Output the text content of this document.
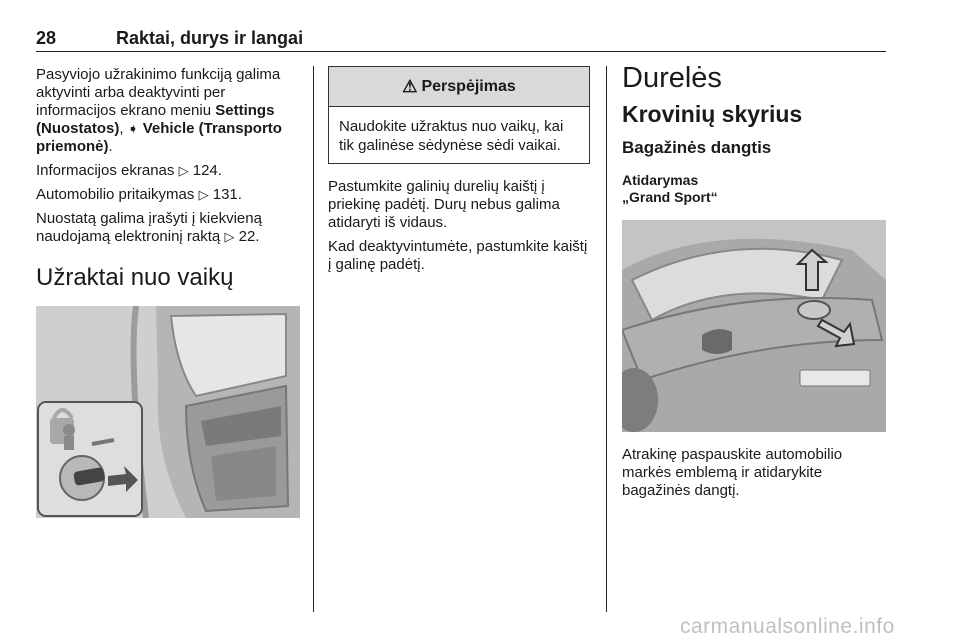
28	Raktai, durys ir langai

Pasyviojo užrakinimo funkciją galima aktyvinti arba deaktyvinti per informacijos ekrano meniu Settings (Nuostatos), ➧ Vehicle (Transporto priemonė).

Informacijos ekranas ▷ 124.

Automobilio pritaikymas ▷ 131.

Nuostatą galima įrašyti į kiekvieną naudojamą elektroninį raktą ▷ 22.

Užraktai nuo vaikų
⚠ Perspėjimas
Naudokite užraktus nuo vaikų, kai tik galinėse sėdynėse sėdi vaikai.

Pastumkite galinių durelių kaištį į priekinę padėtį. Durų nebus galima atidaryti iš vidaus.

Kad deaktyvintumėte, pastumkite kaištį į galinę padėtį.

Durelės
Krovinių skyrius
Bagažinės dangtis
Atidarymas
„Grand Sport“

Atrakinę paspauskite automobilio markės emblemą ir atidarykite bagažinės dangtį.

carmanualsonline.info
